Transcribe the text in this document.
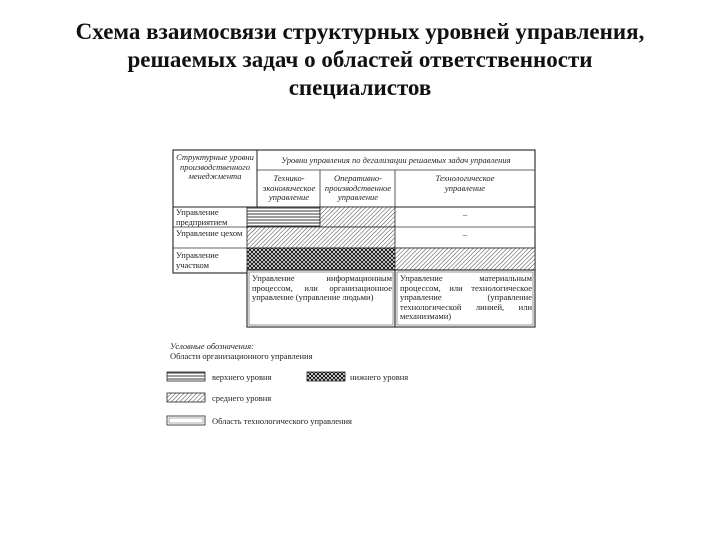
Схема взаимосвязи структурных уровней управления, решаемых задач о областей ответственности специалистов
Структурные уровни производственного менеджмента
Уровни управления по дегализации решаемых задач управления
Технико-экономическое управление
Оперативно-производственное управление
Технологическое управление
Управление предприятием
Управление цехом
Управление участком
–
–
Управление информационным процессом, или организационное управление (управление людьми)
Управление материальным процессом, или технологическое управление (управление технологической линией, или механизмами)
Условные обозначения:
Области организационного управления
верхнего уровня	нижнего уровня
среднего уровня
Область технологического управления
